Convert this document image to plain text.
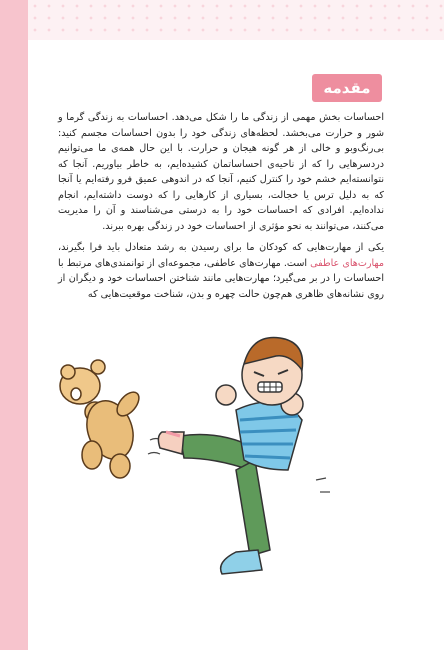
مقدمه

احساسات بخش مهمی از زندگی ما را شکل می‌دهد. احساسات به زندگی گرما و شور و حرارت می‌بخشد. لحظه‌های زندگی خود را بدون احساسات مجسم کنید: بی‌رنگ‌وبو و خالی از هر گونه هیجان و حرارت. با این حال همه‌ی ما می‌توانیم دردسرهایی را که از ناحیه‌ی احساساتمان کشیده‌ایم، به خاطر بیاوریم. آنجا که نتوانسته‌ایم خشم خود را کنترل کنیم، آنجا که در اندوهی عمیق فرو رفته‌ایم یا آنجا که به دلیل ترس یا خجالت، بسیاری از کارهایی را که دوست داشته‌ایم، انجام نداده‌ایم. افرادی که احساسات خود را به درستی می‌شناسند و آن را مدیریت می‌کنند، می‌توانند به نحو مؤثری از احساسات خود در زندگی بهره ببرند.

یکی از مهارت‌هایی که کودکان ما برای رسیدن به رشد متعادل باید فرا بگیرند، مهارت‌های عاطفی است. مهارت‌های عاطفی، مجموعه‌ای از توانمندی‌های مرتبط با احساسات را در بر می‌گیرد؛ مهارت‌هایی مانند شناختن احساسات خود و دیگران از روی نشانه‌های ظاهری هم‌چون حالت چهره و بدن، شناخت موقعیت‌هایی که
